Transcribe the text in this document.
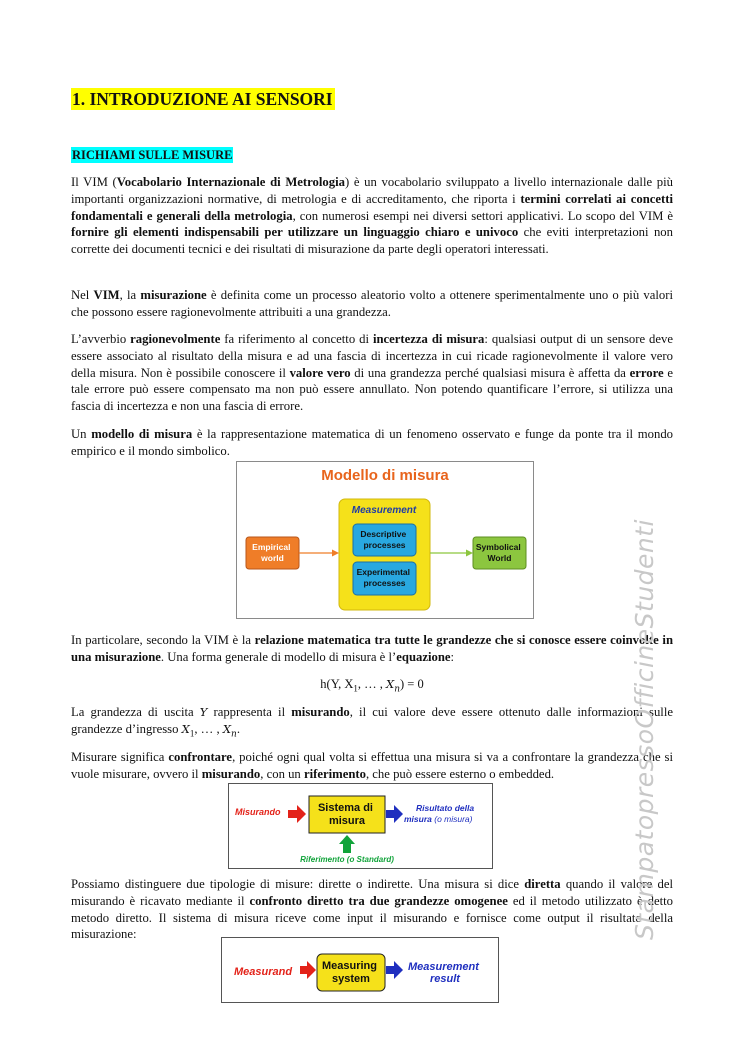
1. INTRODUZIONE AI SENSORI
RICHIAMI SULLE MISURE

Il VIM (Vocabolario Internazionale di Metrologia) è un vocabolario sviluppato a livello internazionale dalle più importanti organizzazioni normative, di metrologia e di accreditamento, che riporta i termini correlati ai concetti fondamentali e generali della metrologia, con numerosi esempi nei diversi settori applicativi. Lo scopo del VIM è fornire gli elementi indispensabili per utilizzare un linguaggio chiaro e univoco che eviti interpretazioni non corrette dei documenti tecnici e dei risultati di misurazione da parte degli operatori interessati.

Nel VIM, la misurazione è definita come un processo aleatorio volto a ottenere sperimentalmente uno o più valori che possono essere ragionevolmente attribuiti a una grandezza.

L’avverbio ragionevolmente fa riferimento al concetto di incertezza di misura: qualsiasi output di un sensore deve essere associato al risultato della misura e ad una fascia di incertezza in cui ricade ragionevolmente il valore vero della misura. Non è possibile conoscere il valore vero di una grandezza perché qualsiasi misura è affetta da errore e tale errore può essere compensato ma non può essere annullato. Non potendo quantificare l’errore, si utilizza una fascia di incertezza e non una fascia di errore.

Un modello di misura è la rappresentazione matematica di un fenomeno osservato e funge da ponte tra il mondo empirico e il mondo simbolico.

Modello di misura
Measurement
Descriptive processes
Experimental processes
Empirical world
Symbolical World

In particolare, secondo la VIM è la relazione matematica tra tutte le grandezze che si conosce essere coinvolte in una misurazione. Una forma generale di modello di misura è l’equazione:

h(Y, $X_1$, … , $X_n) = 0$

La grandezza di uscita Y rappresenta il misurando, il cui valore deve essere ottenuto dalle informazioni sulle grandezze d’ingresso $X_1$, … , $X_n$.

Misurare significa confrontare, poiché ogni qual volta si effettua una misura si va a confrontare la grandezza che si vuole misurare, ovvero il misurando, con un riferimento, che può essere esterno o embedded.

Misurando	Sistema di misura
Risultato della misura (o misura)
Riferimento (o Standard)

Possiamo distinguere due tipologie di misure: dirette o indirette. Una misura si dice diretta quando il valore del misurando è ricavato mediante il confronto diretto tra due grandezze omogenee ed il metodo utilizzato è detto metodo diretto. Il sistema di misura riceve come input il misurando e fornisce come output il risultato della misurazione:

Measurand	Measuring system
Measurement result
StampatopressoOfficineStudenti
